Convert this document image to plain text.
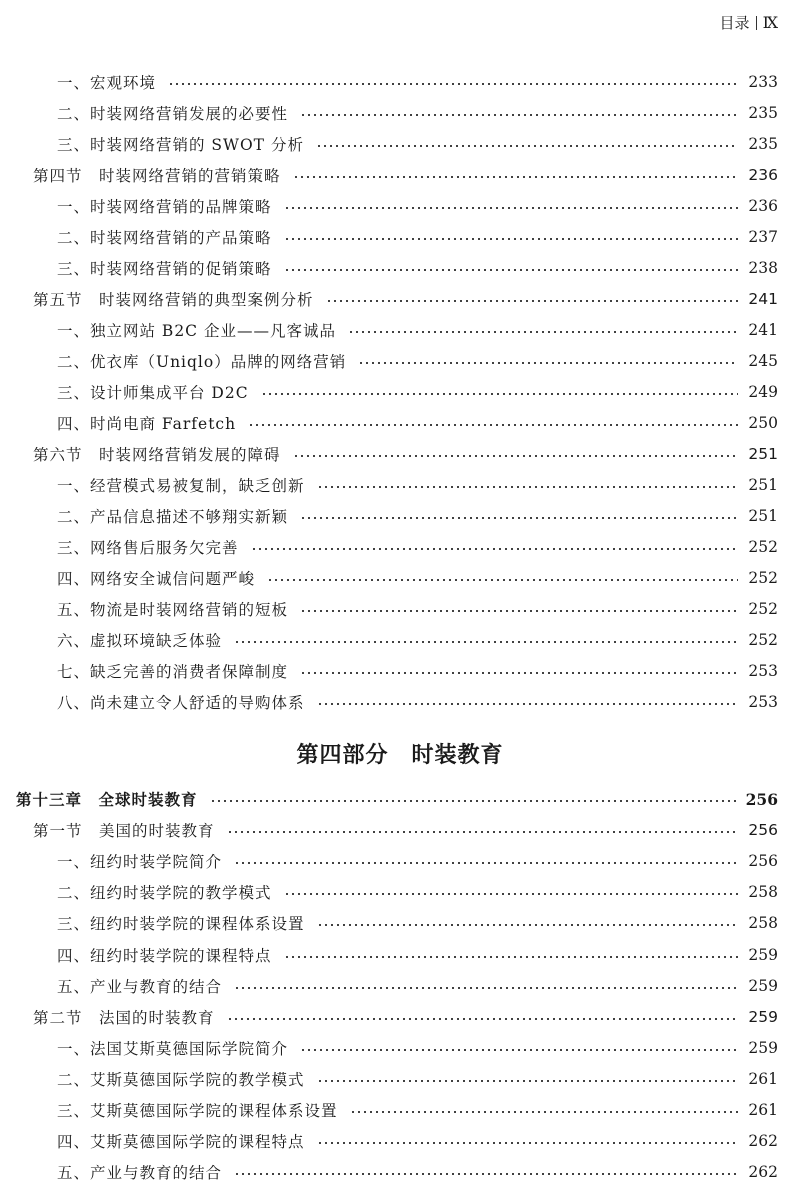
目录 Ⅸ
一、宏观环境	233
二、时装网络营销发展的必要性	235
三、时装网络营销的 SWOT 分析	235
第四节　时装网络营销的营销策略	236
一、时装网络营销的品牌策略	236
二、时装网络营销的产品策略	237
三、时装网络营销的促销策略	238
第五节　时装网络营销的典型案例分析	241
一、独立网站 B2C 企业——凡客诚品	241
二、优衣库（Uniqlo）品牌的网络营销	245
三、设计师集成平台 D2C	249
四、时尚电商 Farfetch	250
第六节　时装网络营销发展的障碍	251
一、经营模式易被复制，缺乏创新	251
二、产品信息描述不够翔实新颖	251
三、网络售后服务欠完善	252
四、网络安全诚信问题严峻	252
五、物流是时装网络营销的短板	252
六、虚拟环境缺乏体验	252
七、缺乏完善的消费者保障制度	253
八、尚未建立令人舒适的导购体系	253
第四部分　时装教育
第十三章　全球时装教育	256
第一节　美国的时装教育	256
一、纽约时装学院简介	256
二、纽约时装学院的教学模式	258
三、纽约时装学院的课程体系设置	258
四、纽约时装学院的课程特点	259
五、产业与教育的结合	259
第二节　法国的时装教育	259
一、法国艾斯莫德国际学院简介	259
二、艾斯莫德国际学院的教学模式	261
三、艾斯莫德国际学院的课程体系设置	261
四、艾斯莫德国际学院的课程特点	262
五、产业与教育的结合	262
